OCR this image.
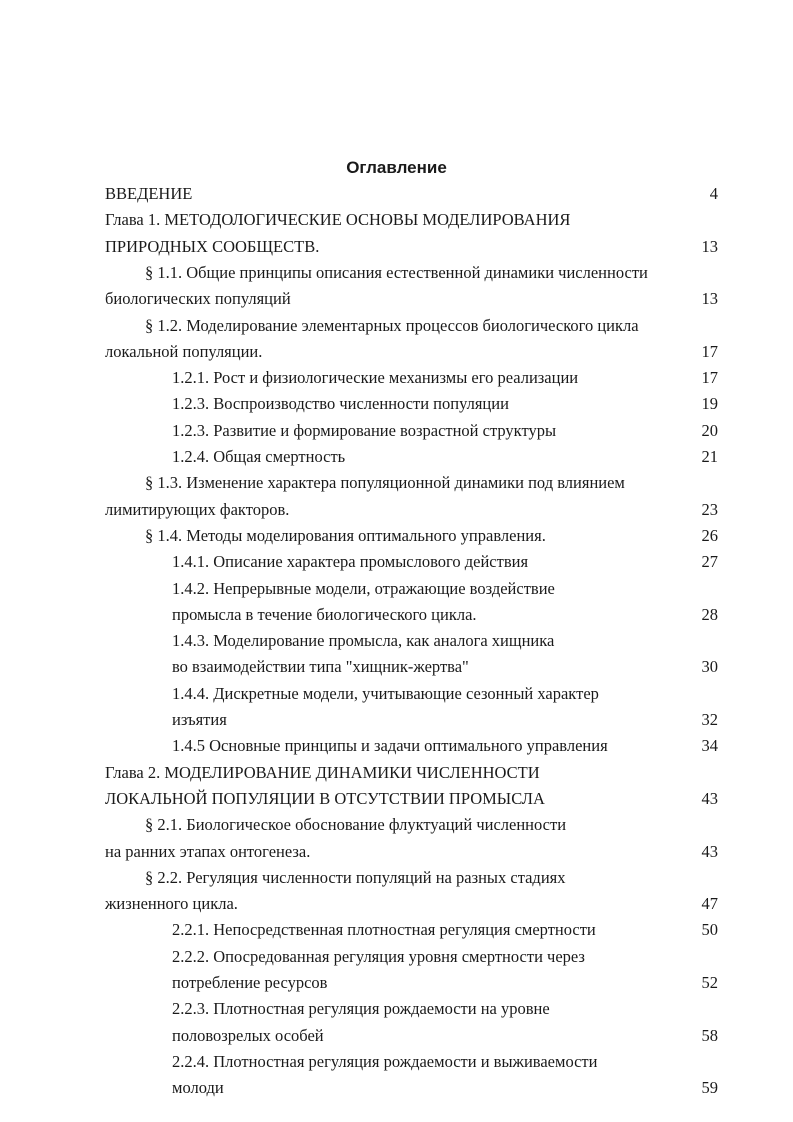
Оглавление
ВВЕДЕНИЕ	4
Глава 1. МЕТОДОЛОГИЧЕСКИЕ ОСНОВЫ МОДЕЛИРОВАНИЯ
ПРИРОДНЫХ СООБЩЕСТВ.	13
§ 1.1. Общие принципы описания естественной динамики численности
биологических популяций	13
§ 1.2. Моделирование элементарных процессов биологического цикла
локальной популяции.	17
1.2.1. Рост и физиологические механизмы его реализации	17
1.2.3. Воспроизводство численности популяции	19
1.2.3. Развитие и формирование возрастной структуры	20
1.2.4. Общая смертность	21
§ 1.3. Изменение характера популяционной динамики под влиянием
лимитирующих факторов.	23
§ 1.4. Методы моделирования оптимального управления.	26
1.4.1. Описание характера промыслового действия	27
1.4.2. Непрерывные модели, отражающие воздействие
промысла в течение биологического цикла.	28
1.4.3. Моделирование промысла, как аналога хищника
во взаимодействии типа "хищник-жертва"	30
1.4.4. Дискретные модели, учитывающие сезонный характер
изъятия	32
1.4.5 Основные принципы и задачи оптимального управления	34
Глава 2. МОДЕЛИРОВАНИЕ ДИНАМИКИ ЧИСЛЕННОСТИ
ЛОКАЛЬНОЙ ПОПУЛЯЦИИ В ОТСУТСТВИИ ПРОМЫСЛА	43
§ 2.1. Биологическое обоснование флуктуаций численности
на ранних этапах онтогенеза.	43
§ 2.2. Регуляция численности популяций на разных стадиях
жизненного цикла.	47
2.2.1. Непосредственная плотностная регуляция смертности	50
2.2.2. Опосредованная регуляция уровня смертности через
потребление ресурсов	52
2.2.3. Плотностная регуляция рождаемости на уровне
половозрелых особей	58
2.2.4. Плотностная регуляция рождаемости и выживаемости
молоди	59
